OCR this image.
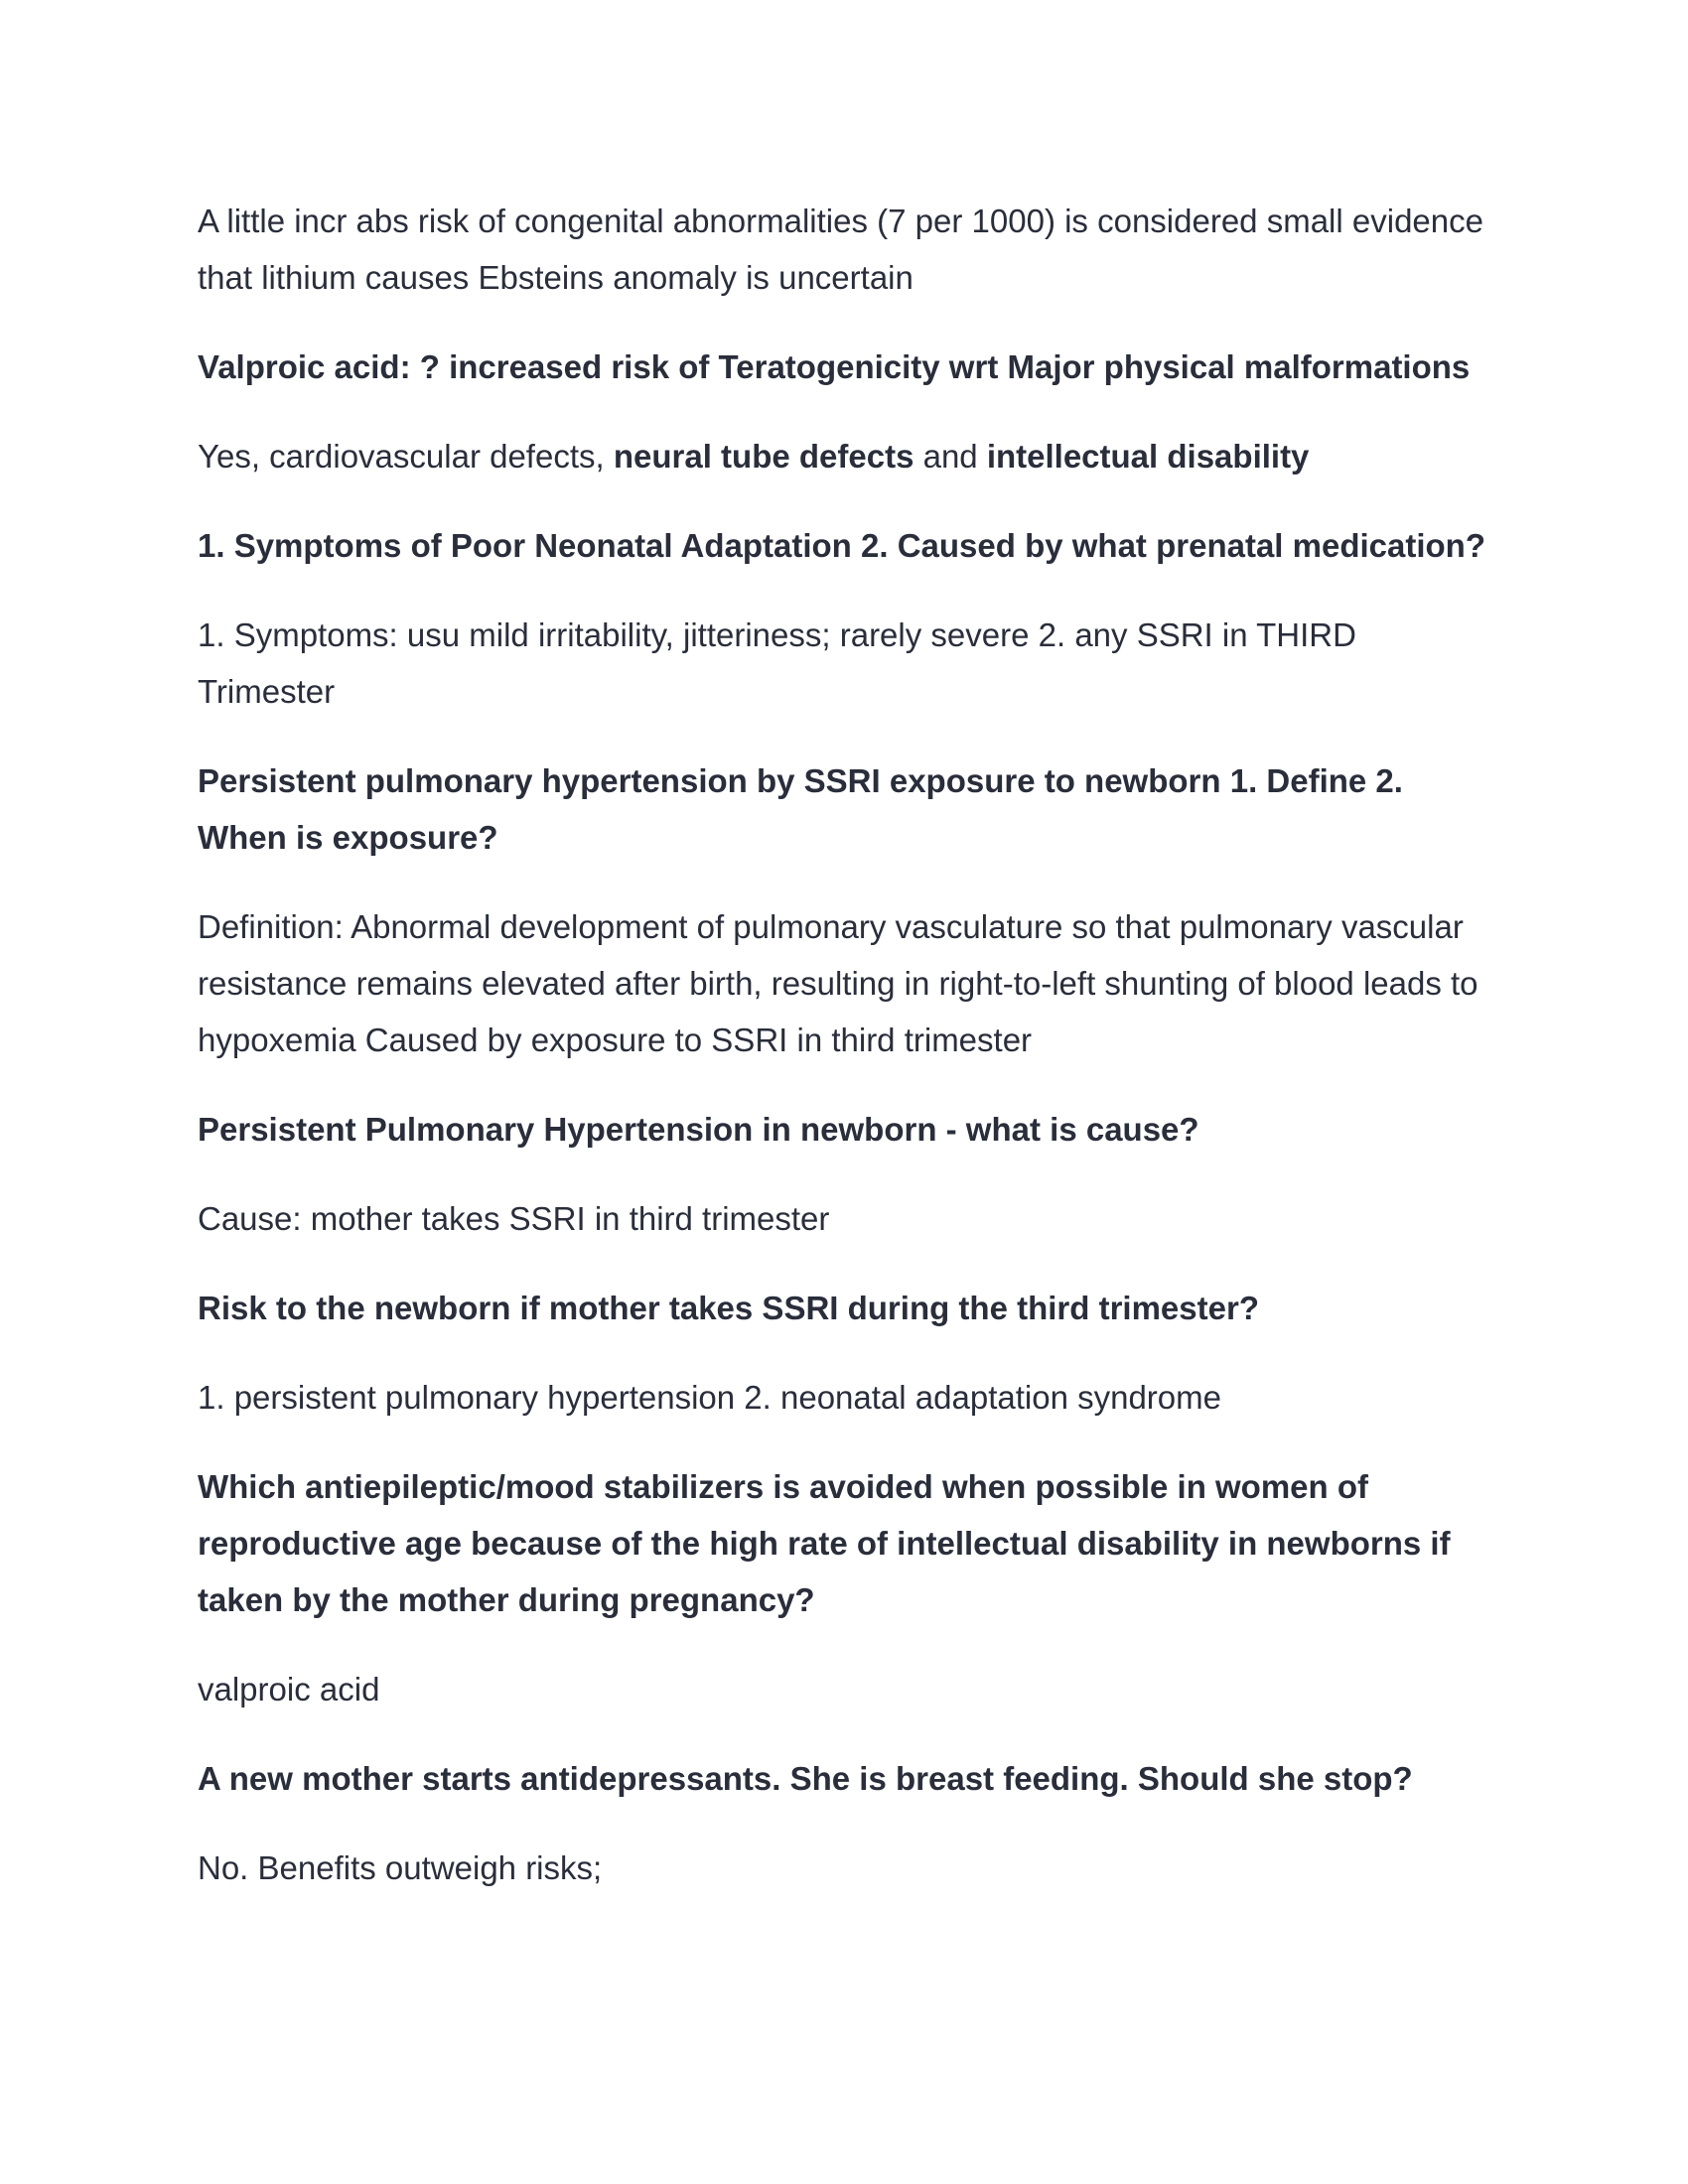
A little incr abs risk of congenital abnormalities (7 per 1000) is considered small evidence that lithium causes Ebsteins anomaly is uncertain

Valproic acid: ? increased risk of Teratogenicity wrt Major physical malformations

Yes, cardiovascular defects, neural tube defects and intellectual disability

1. Symptoms of Poor Neonatal Adaptation 2. Caused by what prenatal medication?

1. Symptoms: usu mild irritability, jitteriness; rarely severe 2. any SSRI in THIRD Trimester

Persistent pulmonary hypertension by SSRI exposure to newborn 1. Define 2. When is exposure?

Definition: Abnormal development of pulmonary vasculature so that pulmonary vascular resistance remains elevated after birth, resulting in right-to-left shunting of blood leads to hypoxemia Caused by exposure to SSRI in third trimester

Persistent Pulmonary Hypertension in newborn - what is cause?

Cause: mother takes SSRI in third trimester

Risk to the newborn if mother takes SSRI during the third trimester?

1. persistent pulmonary hypertension 2. neonatal adaptation syndrome

Which antiepileptic/mood stabilizers is avoided when possible in women of reproductive age because of the high rate of intellectual disability in newborns if taken by the mother during pregnancy?

valproic acid

A new mother starts antidepressants. She is breast feeding. Should she stop?

No. Benefits outweigh risks;
